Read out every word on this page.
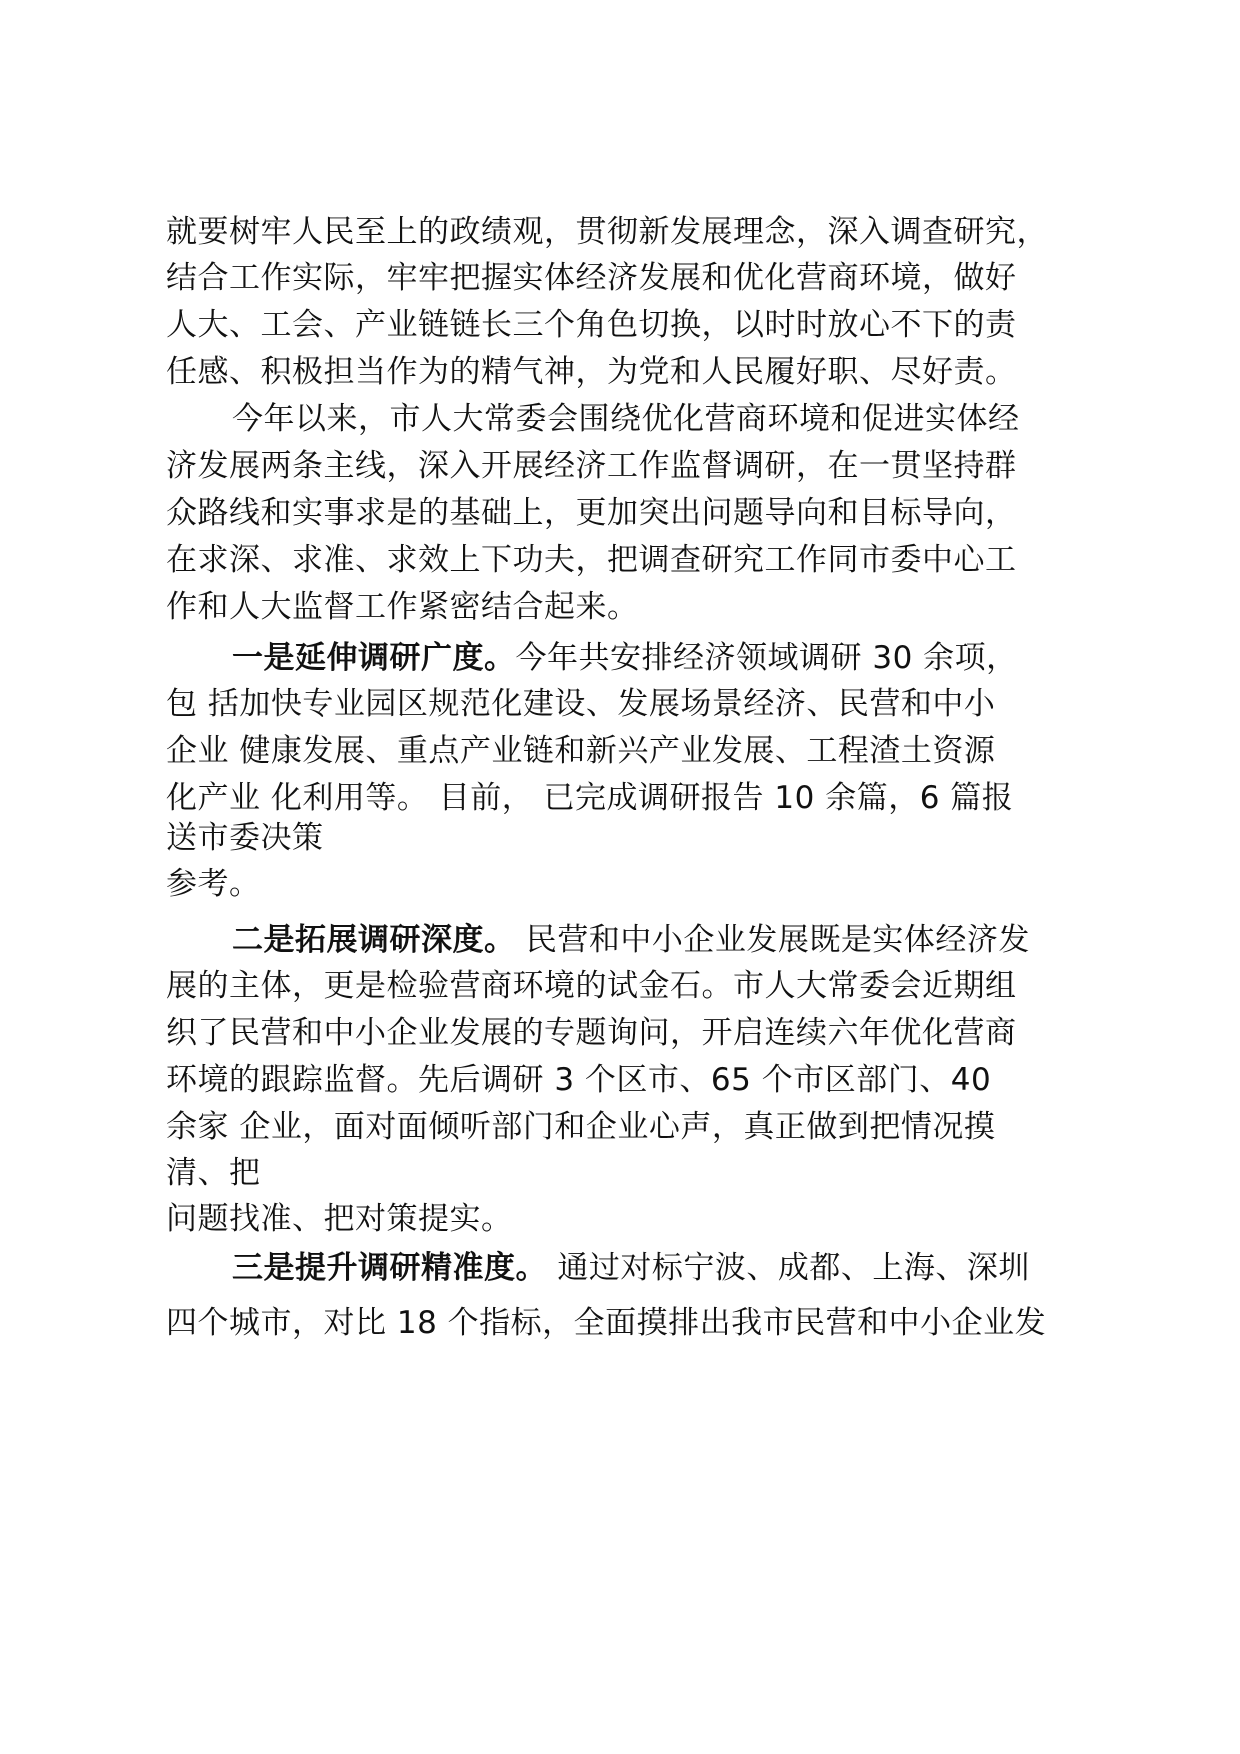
就要树牢人民至上的政绩观，贯彻新发展理念，深入调查研究，
结合工作实际，牢牢把握实体经济发展和优化营商环境，做好
人大、工会、产业链链长三个角色切换，以时时放心不下的责
任感、积极担当作为的精气神，为党和人民履好职、尽好责。
今年以来，市人大常委会围绕优化营商环境和促进实体经
济发展两条主线，深入开展经济工作监督调研，在一贯坚持群
众路线和实事求是的基础上，更加突出问题导向和目标导向，
在求深、求准、求效上下功夫，把调查研究工作同市委中心工
作和人大监督工作紧密结合起来。
一是延伸调研广度。今年共安排经济领域调研 30 余项，
包 括加快专业园区规范化建设、发展场景经济、民营和中小
企业 健康发展、重点产业链和新兴产业发展、工程渣土资源
化产业 化利用等。 目前， 已完成调研报告 10 余篇，6 篇报
送市委决策
参考。
二是拓展调研深度。 民营和中小企业发展既是实体经济发
展的主体，更是检验营商环境的试金石。市人大常委会近期组
织了民营和中小企业发展的专题询问，开启连续六年优化营商
环境的跟踪监督。先后调研 3 个区市、65 个市区部门、40
余家 企业，面对面倾听部门和企业心声，真正做到把情况摸
清、把
问题找准、把对策提实。
三是提升调研精准度。 通过对标宁波、成都、上海、深圳
四个城市，对比 18 个指标，全面摸排出我市民营和中小企业发
